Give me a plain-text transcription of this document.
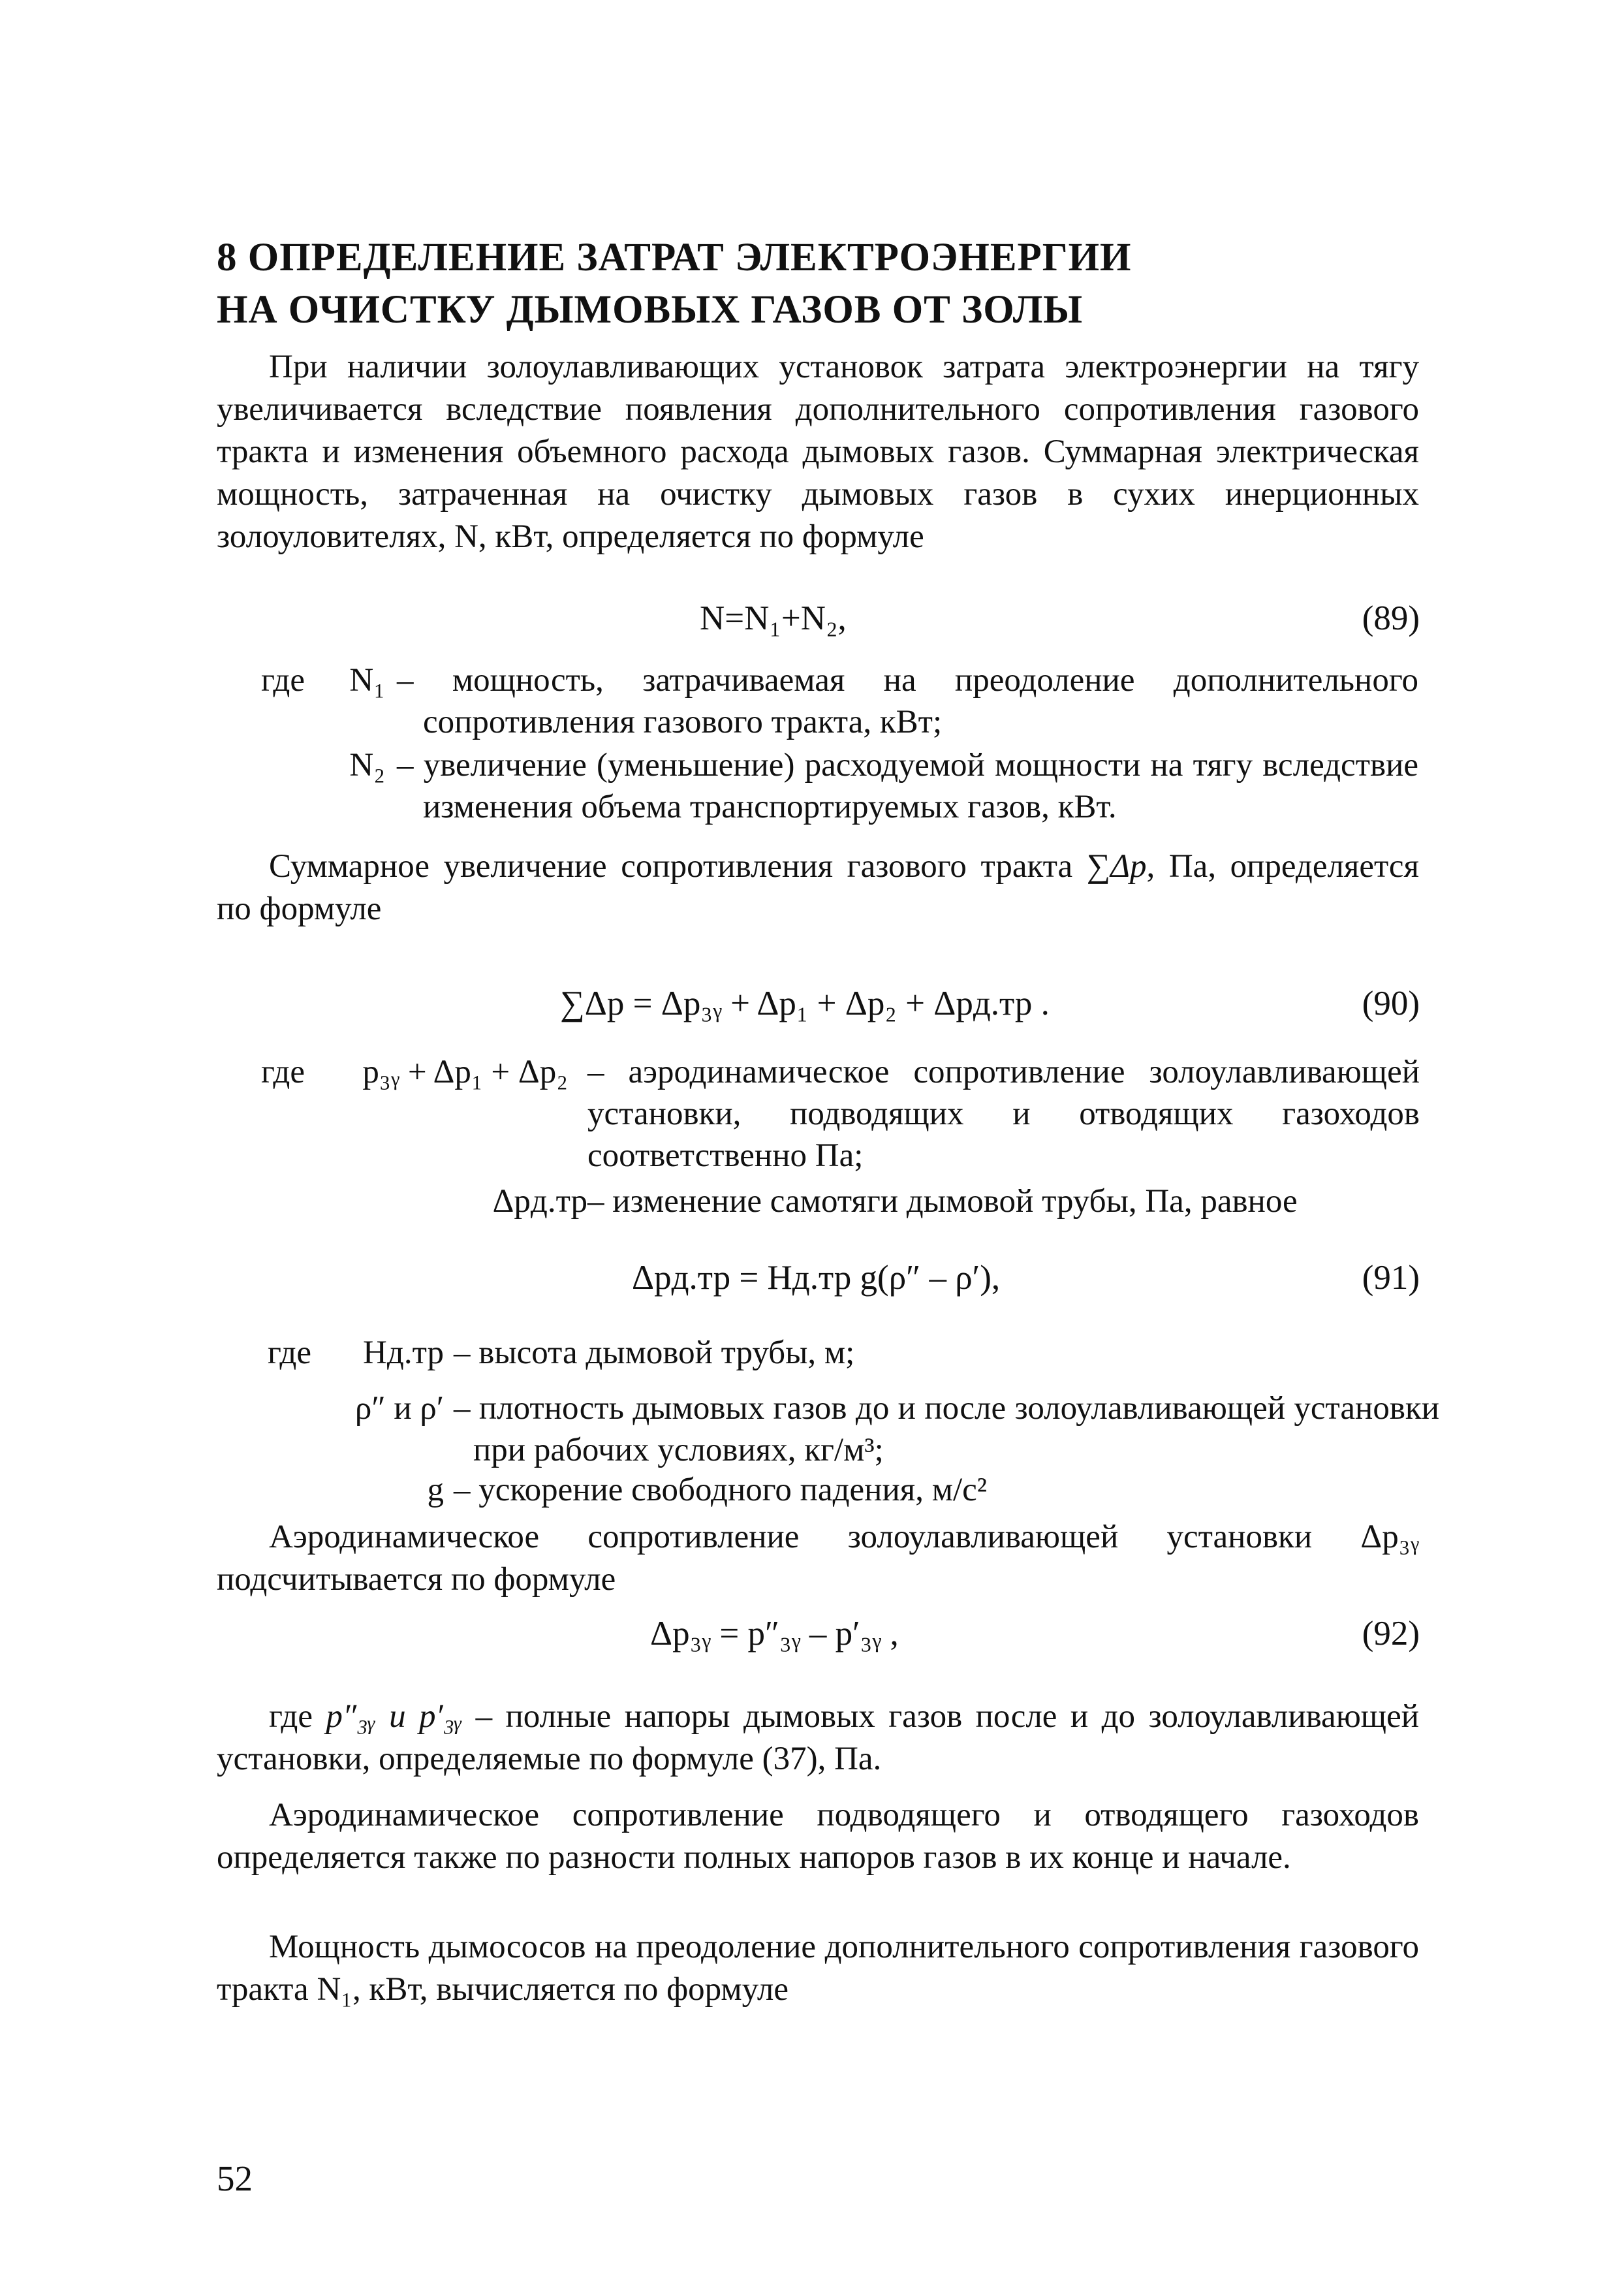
8 ОПРЕДЕЛЕНИЕ ЗАТРАТ ЭЛЕКТРОЭНЕРГИИ
НА ОЧИСТКУ ДЫМОВЫХ ГАЗОВ ОТ ЗОЛЫ
При наличии золоулавливающих установок затрата электроэнергии на тягу увеличивается вследствие появления дополнительного сопротивления газового тракта и изменения объемного расхода дымовых газов. Суммарная электрическая мощность, затраченная на очистку дымовых газов в сухих инерционных золоуловителях, N, кВт, определяется по формуле
N=N₁+N₂,	(89)
где	N₁ – мощность, затрачиваемая на преодоление дополнительного сопротивления газового тракта, кВт;
N₂ – увеличение (уменьшение) расходуемой мощности на тягу вследствие изменения объема транспортируемых газов, кВт.
Суммарное увеличение сопротивления газового тракта ∑Δp, Па, определяется по формуле
∑Δp = Δp₃ᵧ + Δp₁ + Δp₂ + Δpд.тр .	(90)
где	p₃ᵧ + Δp₁ + Δp₂ – аэродинамическое сопротивление золоулавливающей установки, подводящих и отводящих газоходов соответственно Па;
Δpд.тр – изменение самотяги дымовой трубы, Па, равное
Δpд.тр = Hд.тр g(ρ″ – ρ′),	(91)
где	Hд.тр – высота дымовой трубы, м;
ρ″ и ρ′ – плотность дымовых газов до и после золоулавливающей установки при рабочих условиях, кг/м³;
g – ускорение свободного падения, м/с²
Аэродинамическое сопротивление золоулавливающей установки Δp₃ᵧ подсчитывается по формуле
Δp₃ᵧ = p″₃ᵧ – p′₃ᵧ ,	(92)
где p″₃ᵧ и p′₃ᵧ – полные напоры дымовых газов после и до золоулавливающей установки, определяемые по формуле (37), Па.
Аэродинамическое сопротивление подводящего и отводящего газоходов определяется также по разности полных напоров газов в их конце и начале.
Мощность дымососов на преодоление дополнительного сопротивления газового тракта N₁, кВт, вычисляется по формуле
52
